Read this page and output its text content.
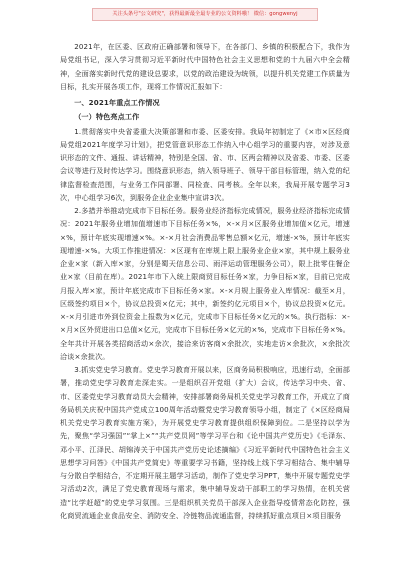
关注头条号"公文研究"，获得最新最全最专业的公文资料哦！ 微信：gongwenyj

2021年，在区委、区政府正确部署和领导下，在各部门、乡镇的积极配合下，我作为局党组书记，深入学习贯彻习近平新时代中国特色社会主义思想和党的十九届六中全会精神，全面落实新时代党的建设总要求，以党的政治建设为统领，以提升机关党建工作质量为目标，扎实开展各项工作，现将工作情况汇报如下：

一、2021年重点工作情况

（一）特色亮点工作

1.贯彻落实中央省委重大决策部署和市委、区委安排。我局年初制定了《×市×区经商局党组2021年度学习计划》，把党管意识形态工作纳入中心组学习的重要内容，对涉及意识形态的文件、通报、讲话精神，特别是全国、省、市、区两会精神以及省委、市委、区委会议等进行及时传达学习。围绕意识形态，纳入领导班子、领导干部目标管理，纳入党的纪律监督检查范围，与业务工作同部署、同检查、同考核。全年以来，我局开展专题学习3次，中心组学习6次，到服务企业企业集中宣讲3次。

2.多措并举推动完成市下目标任务。服务业经济指标完成情况，服务业经济指标完成情况：2021年服务业增加值增速市下目标任务×%，×-×月×区服务业增加值×亿元，增速×%，预计年底实现增速×%。×-×月社会消费品零售总额×亿元，增速-×%，预计年底实现增速-×%。大项工作推进情况：×区现有在库规上限上服务业企业×家，其中规上服务业企业×家（新入库×家，分别是蜀天信息公司、雨洋运动管理服务公司），限上批零住餐企业×家（目前在库）。2021年市下入统上限商贸目标任务×家，力争目标×家，目前已完成月报入库×家，预计年底完成市下目标任务×家。×-×月规上服务业入库情况：截至×月，区级签约项目×个，协议总投资×亿元；其中，新签约亿元项目×个，协议总投资×亿元。×-×月引进市外到位资金上报数为×亿元，完成市下目标任务×亿元的×%。执行指标：×-×月×区外贸进出口总值×亿元，完成市下目标任务×亿元的×%，完成市下目标任务×%。全年共计开展各类招商活动×余次，接洽来访客商×余批次，实地走访×余批次，×余批次洽谈×余批次。

3.抓实党史学习教育。党史学习教育开展以来，区商务局积极响应，迅速行动，全面部署，推动党史学习教育走深走实。一是组织召开党组（扩大）会议，传达学习中央、省、市、区委党史学习教育动员大会精神，安排部署商务局机关党史学习教育工作，开成立了商务局机关庆祝中国共产党成立100周年活动暨党史学习教育领导小组，制定了《×区经商局机关党史学习教育实施方案》，为开展党史学习教育提供组织保障到位。二是坚持以学为先，聚焦“学习强国”“掌上×”“共产党员网”等学习平台和《论中国共产党历史》《毛泽东、邓小平、江泽民、胡锦涛关于中国共产党历史论述摘编》《习近平新时代中国特色社会主义思想学习问答》《中国共产党简史》等重要学习书籍，坚持线上线下学习相结合、集中辅导与分散自学相结合，不定期开展主题学习活动，制作了党史学习PPT，集中开展专题党史学习活动2次，满足了党史教育现场与需求，集中辅导发动干部职工的学习热情，在机关营造“比学赶超”的党史学习氛围。三是组织机关党员干部深入企业指导疫情常态化防控，强化商贸流通企业食品安全、消防安全、冷链物品流通监督，持续抓好重点项目×项目服务
